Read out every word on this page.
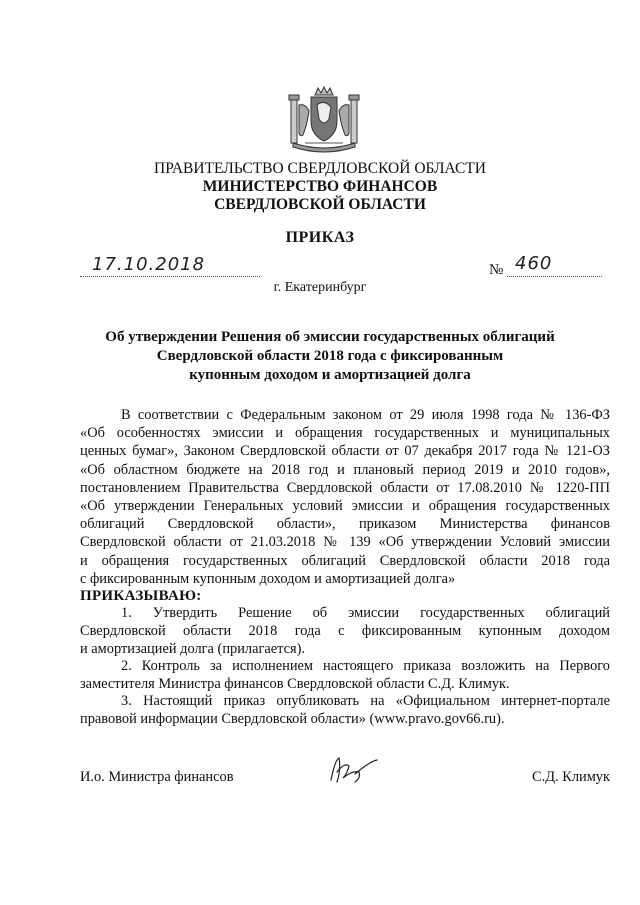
ПРАВИТЕЛЬСТВО СВЕРДЛОВСКОЙ ОБЛАСТИ
МИНИСТЕРСТВО ФИНАНСОВ
СВЕРДЛОВСКОЙ ОБЛАСТИ
ПРИКАЗ
17.10.2018	№ 460
г. Екатеринбург
Об утверждении Решения об эмиссии государственных облигаций
Свердловской области 2018 года с фиксированным
купонным доходом и амортизацией долга
В соответствии с Федеральным законом от 29 июля 1998 года № 136-ФЗ
«Об особенностях эмиссии и обращения государственных и муниципальных
ценных бумаг», Законом Свердловской области от 07 декабря 2017 года № 121-ОЗ
«Об областном бюджете на 2018 год и плановый период 2019 и 2010 годов»,
постановлением Правительства Свердловской области от 17.08.2010 № 1220-ПП
«Об утверждении Генеральных условий эмиссии и обращения государственных
облигаций Свердловской области», приказом Министерства финансов
Свердловской области от 21.03.2018 № 139 «Об утверждении Условий эмиссии
и обращения государственных облигаций Свердловской области 2018 года
с фиксированным купонным доходом и амортизацией долга»
ПРИКАЗЫВАЮ:
1. Утвердить Решение об эмиссии государственных облигаций
Свердловской области 2018 года с фиксированным купонным доходом
и амортизацией долга (прилагается).
2. Контроль за исполнением настоящего приказа возложить на Первого
заместителя Министра финансов Свердловской области С.Д. Климук.
3. Настоящий приказ опубликовать на «Официальном интернет-портале
правовой информации Свердловской области» (www.pravo.gov66.ru).
И.о. Министра финансов	С.Д. Климук
